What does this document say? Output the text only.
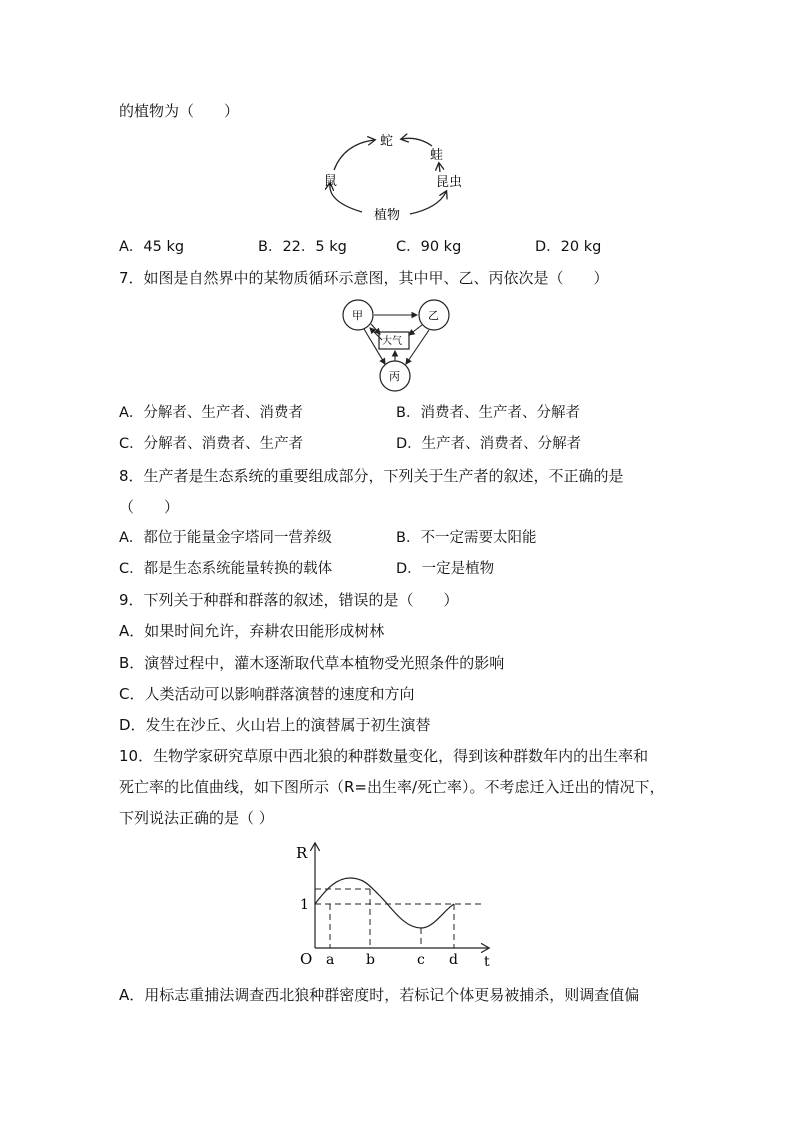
的植物为（　　）
蛇
蛙
鼠	昆虫
植物
A．45 kg	B．22．5 kg	C．90 kg	D．20 kg
7．如图是自然界中的某物质循环示意图，其中甲、乙、丙依次是（　　）
甲	乙
丙
大气
A．分解者、生产者、消费者	B．消费者、生产者、分解者
C．分解者、消费者、生产者	D．生产者、消费者、分解者
8．生产者是生态系统的重要组成部分，下列关于生产者的叙述，不正确的是
（　　）
A．都位于能量金字塔同一营养级	B．不一定需要太阳能
C．都是生态系统能量转换的载体	D．一定是植物
9．下列关于种群和群落的叙述，错误的是（　　）
A．如果时间允许，弃耕农田能形成树林
B．演替过程中，灌木逐渐取代草本植物受光照条件的影响
C．人类活动可以影响群落演替的速度和方向
D．发生在沙丘、火山岩上的演替属于初生演替
10．生物学家研究草原中西北狼的种群数量变化，得到该种群数年内的出生率和
死亡率的比值曲线，如下图所示（R=出生率/死亡率）。不考虑迁入迁出的情况下，
下列说法正确的是（ ）
R
1
O a b	c d t
A．用标志重捕法调查西北狼种群密度时，若标记个体更易被捕杀，则调查值偏
